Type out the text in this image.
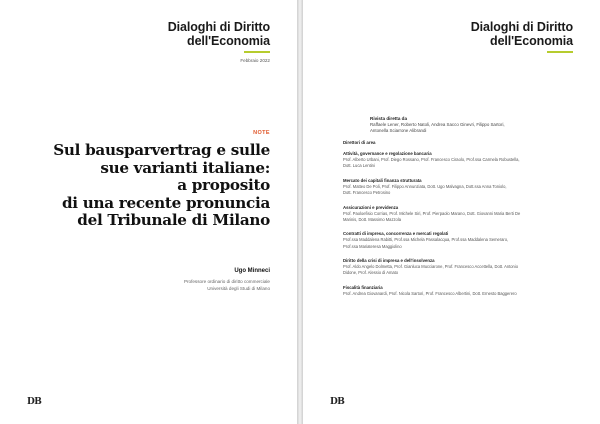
Dialoghi di Diritto
dell'Economia
Febbraio 2022
NOTE
Sul bausparvertrag e sulle
sue varianti italiane:
a proposito
di una recente pronuncia
del Tribunale di Milano
Ugo Minneci
Professore ordinario di diritto commerciale
Università degli Studi di Milano
DB
Dialoghi di Diritto
dell'Economia
Rivista diretta da
Raffaele Lener, Roberto Natoli, Andrea Sacco Ginevri, Filippo Sartori,
Antonella Sciarrone Alibrandi
Direttori di area
Attività, governance e regolazione bancaria
Prof. Alberto Urbani, Prof. Diego Rossano, Prof. Francesco Ciraolo, Prof.ssa Carmela Robustella,
Dott. Luca Lentini
Mercato dei capitali finanza strutturata
Prof. Matteo De Poli, Prof. Filippo Annunziata, Dott. Ugo Malvagna, Dott.ssa Anna Toniolo,
Dott. Francesco Petrosino
Assicurazioni e previdenza
Prof. Paoloefisio Corrias, Prof. Michele Siri, Prof. Pierpaolo Marano, Dott. Giovanni Maria Berti De
Marinis, Dott. Massimo Mazzola
Contratti di impresa, concorrenza e mercati regolati
Prof.ssa Maddalena Rabitti, Prof.ssa Michela Passalacqua, Prof.ssa Maddalena Semeraro,
Prof.ssa Mariateresa Maggiolino
Diritto della crisi di impresa e dell'insolvenza
Prof. Aldo Angelo Dolmetta, Prof. Gianluca Mucciarone, Prof. Francesco Accettella, Dott. Antonio
Didone, Prof. Alessio di Amato
Fiscalità finanziaria
Prof. Andrea Giovanardi, Prof. Nicola Sartori, Prof. Francesco Albertini, Dott. Ernesto Baggerero
DB
